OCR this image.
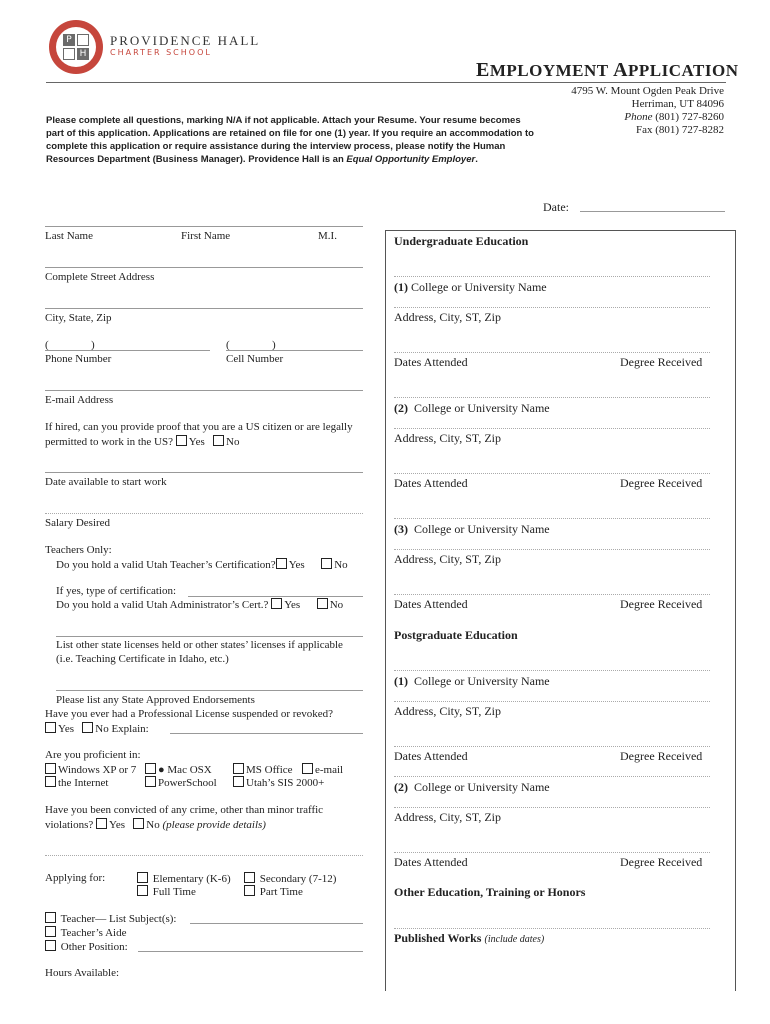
P
H
PROVIDENCE HALL
CHARTER SCHOOL
EMPLOYMENT APPLICATION
4795 W. Mount Ogden Peak Drive
Herriman, UT 84096
Phone (801) 727-8260
Fax (801) 727-8282
Please complete all questions, marking N/A if not applicable. Attach your Resume. Your resume becomes part of this application. Applications are retained on file for one (1) year. If you require an accommodation to complete this application or require assistance during the interview process, please notify the Human Resources Department (Business Manager). Providence Hall is an Equal Opportunity Employer.
Date:
Last Name	First Name	M.I.
Complete Street Address
City, State, Zip
(	)	(	)
Phone Number	Cell Number
E-mail Address
If hired, can you provide proof that you are a US citizen or are legally
permitted to work in the US? Yes No
Date available to start work
Salary Desired
Teachers Only:
Do you hold a valid Utah Teacher’s Certification? Yes	No
If yes, type of certification:
Do you hold a valid Utah Administrator’s Cert.? Yes	No
List other state licenses held or other states’ licenses if applicable
(i.e. Teaching Certificate in Idaho, etc.)
Please list any State Approved Endorsements
Have you ever had a Professional License suspended or revoked?
Yes No Explain:
Are you proficient in:
Windows XP or 7	● Mac OSX	MS Office	e-mail
the Internet	PowerSchool	Utah’s SIS 2000+
Have you been convicted of any crime, other than minor traffic
violations? Yes No (please provide details)
Applying for:	Elementary (K-6)	Secondary (7-12)
Full Time	Part Time
Teacher— List Subject(s):
Teacher’s Aide
Other Position:
Hours Available:
Undergraduate Education
(1) College or University Name
Address, City, ST, Zip
Dates Attended	Degree Received
(2) College or University Name
Address, City, ST, Zip
Dates Attended	Degree Received
(3) College or University Name
Address, City, ST, Zip
Dates Attended	Degree Received
Postgraduate Education
(1) College or University Name
Address, City, ST, Zip
Dates Attended	Degree Received
(2) College or University Name
Address, City, ST, Zip
Dates Attended	Degree Received
Other Education, Training or Honors
Published Works (include dates)
